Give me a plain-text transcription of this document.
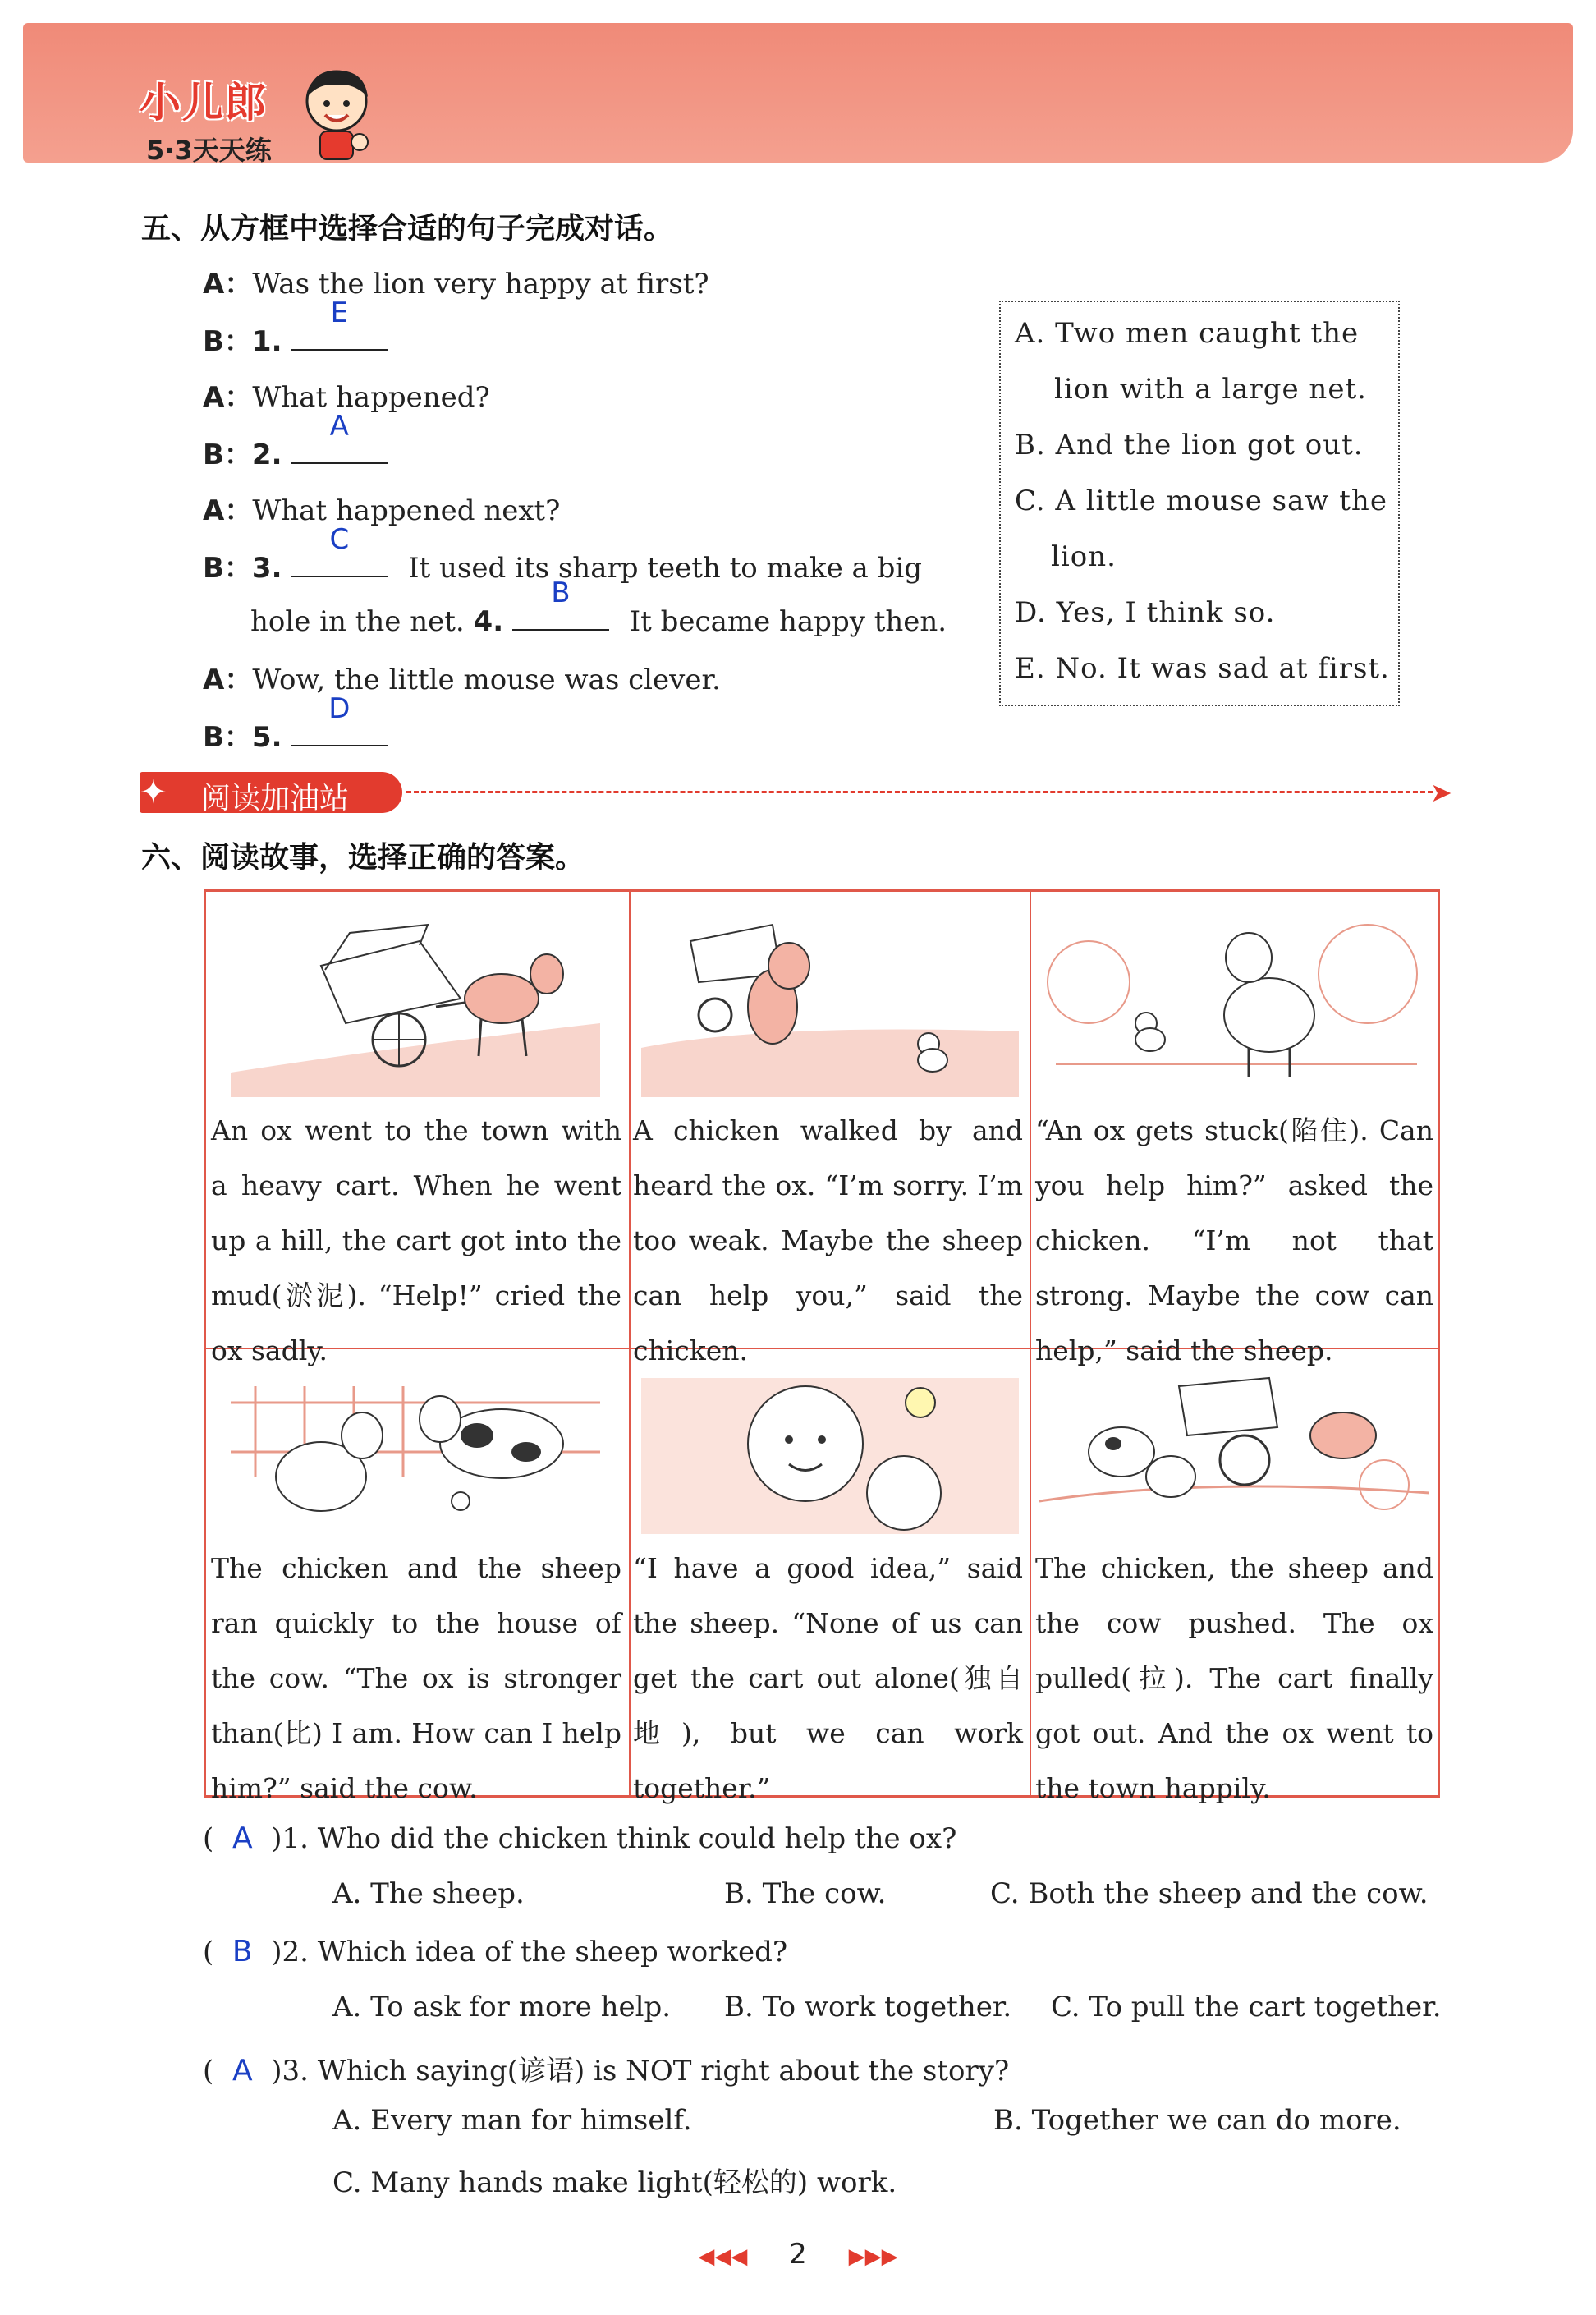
小儿郎
5·3天天练
五、从方框中选择合适的句子完成对话。
A：Was the lion very happy at first?
B：1.
E
A：What happened?
B：2.
A
A：What happened next?
B：3.
C
It used its sharp teeth to make a big
hole in the net. 4.
B
It became happy then.
A：Wow, the little mouse was clever.
B：5.
D
A. Two men caught the
lion with a large net.
B. And the lion got out.
C. A little mouse saw the
lion.
D. Yes, I think so.
E. No. It was sad at first.
✦ 阅读加油站	➤
六、阅读故事，选择正确的答案。
An ox went to the town with a heavy cart. When he went up a hill, the cart got into the mud(淤泥). “Help!” cried the ox sadly.
A chicken walked by and heard the ox. “I’m sorry. I’m too weak. Maybe the sheep can help you,” said the chicken.
“An ox gets stuck(陷住). Can you help him?” asked the chicken. “I’m not that strong. Maybe the cow can help,” said the sheep.
The chicken and the sheep ran quickly to the house of the cow. “The ox is stronger than(比) I am. How can I help him?” said the cow.
“I have a good idea,” said the sheep. “None of us can get the cart out alone(独自地), but we can work together.”
The chicken, the sheep and the cow pushed. The ox pulled(拉). The cart finally got out. And the ox went to the town happily.
( A )1. Who did the chicken think could help the ox?
A. The sheep.	B. The cow.	C. Both the sheep and the cow.
( B )2. Which idea of the sheep worked?
A. To ask for more help. B. To work together. C. To pull the cart together.
( A )3. Which saying(谚语) is NOT right about the story?
A. Every man for himself.	B. Together we can do more.
C. Many hands make light(轻松的) work.
◀◀◀ 2 ▶▶▶
